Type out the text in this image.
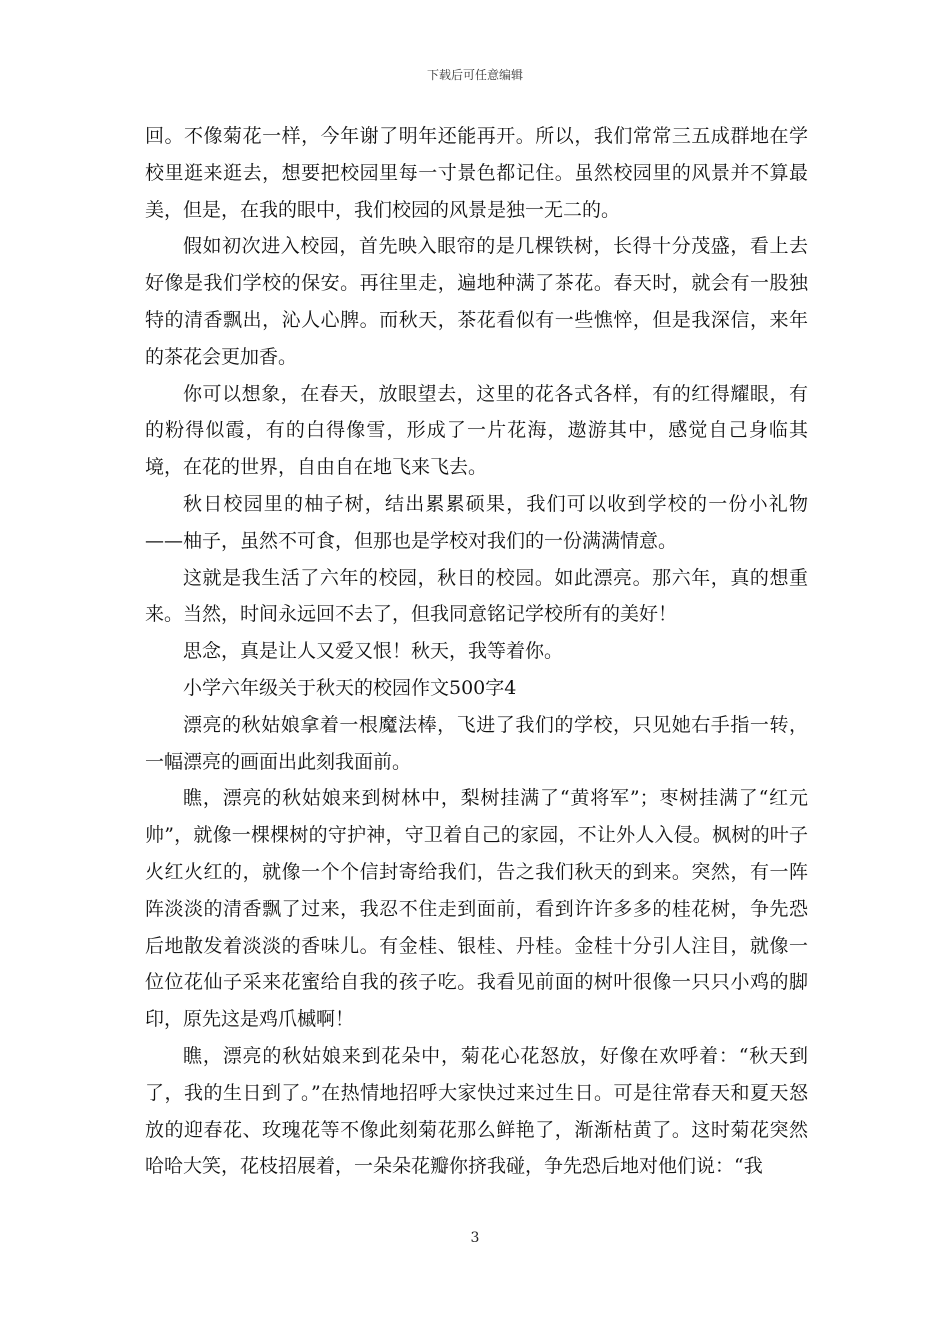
下载后可任意编辑

回。不像菊花一样，今年谢了明年还能再开。所以，我们常常三五成群地在学校里逛来逛去，想要把校园里每一寸景色都记住。虽然校园里的风景并不算最美，但是，在我的眼中，我们校园的风景是独一无二的。

假如初次进入校园，首先映入眼帘的是几棵铁树，长得十分茂盛，看上去好像是我们学校的保安。再往里走，遍地种满了茶花。春天时，就会有一股独特的清香飘出，沁人心脾。而秋天，茶花看似有一些憔悴，但是我深信，来年的茶花会更加香。

你可以想象，在春天，放眼望去，这里的花各式各样，有的红得耀眼，有的粉得似霞，有的白得像雪，形成了一片花海，遨游其中，感觉自己身临其境，在花的世界，自由自在地飞来飞去。

秋日校园里的柚子树，结出累累硕果，我们可以收到学校的一份小礼物——柚子，虽然不可食，但那也是学校对我们的一份满满情意。

这就是我生活了六年的校园，秋日的校园。如此漂亮。那六年，真的想重来。当然，时间永远回不去了，但我同意铭记学校所有的美好！

思念，真是让人又爱又恨！秋天，我等着你。

小学六年级关于秋天的校园作文500字4

漂亮的秋姑娘拿着一根魔法棒，飞进了我们的学校，只见她右手指一转，一幅漂亮的画面出此刻我面前。

瞧，漂亮的秋姑娘来到树林中，梨树挂满了“黄将军”；枣树挂满了“红元帅”，就像一棵棵树的守护神，守卫着自己的家园，不让外人入侵。枫树的叶子火红火红的，就像一个个信封寄给我们，告之我们秋天的到来。突然，有一阵阵淡淡的清香飘了过来，我忍不住走到面前，看到许许多多的桂花树，争先恐后地散发着淡淡的香味儿。有金桂、银桂、丹桂。金桂十分引人注目，就像一位位花仙子采来花蜜给自我的孩子吃。我看见前面的树叶很像一只只小鸡的脚印，原先这是鸡爪槭啊！

瞧，漂亮的秋姑娘来到花朵中，菊花心花怒放，好像在欢呼着：“秋天到了，我的生日到了。”在热情地招呼大家快过来过生日。可是往常春天和夏天怒放的迎春花、玫瑰花等不像此刻菊花那么鲜艳了，渐渐枯黄了。这时菊花突然哈哈大笑，花枝招展着，一朵朵花瓣你挤我碰，争先恐后地对他们说：“我

3
